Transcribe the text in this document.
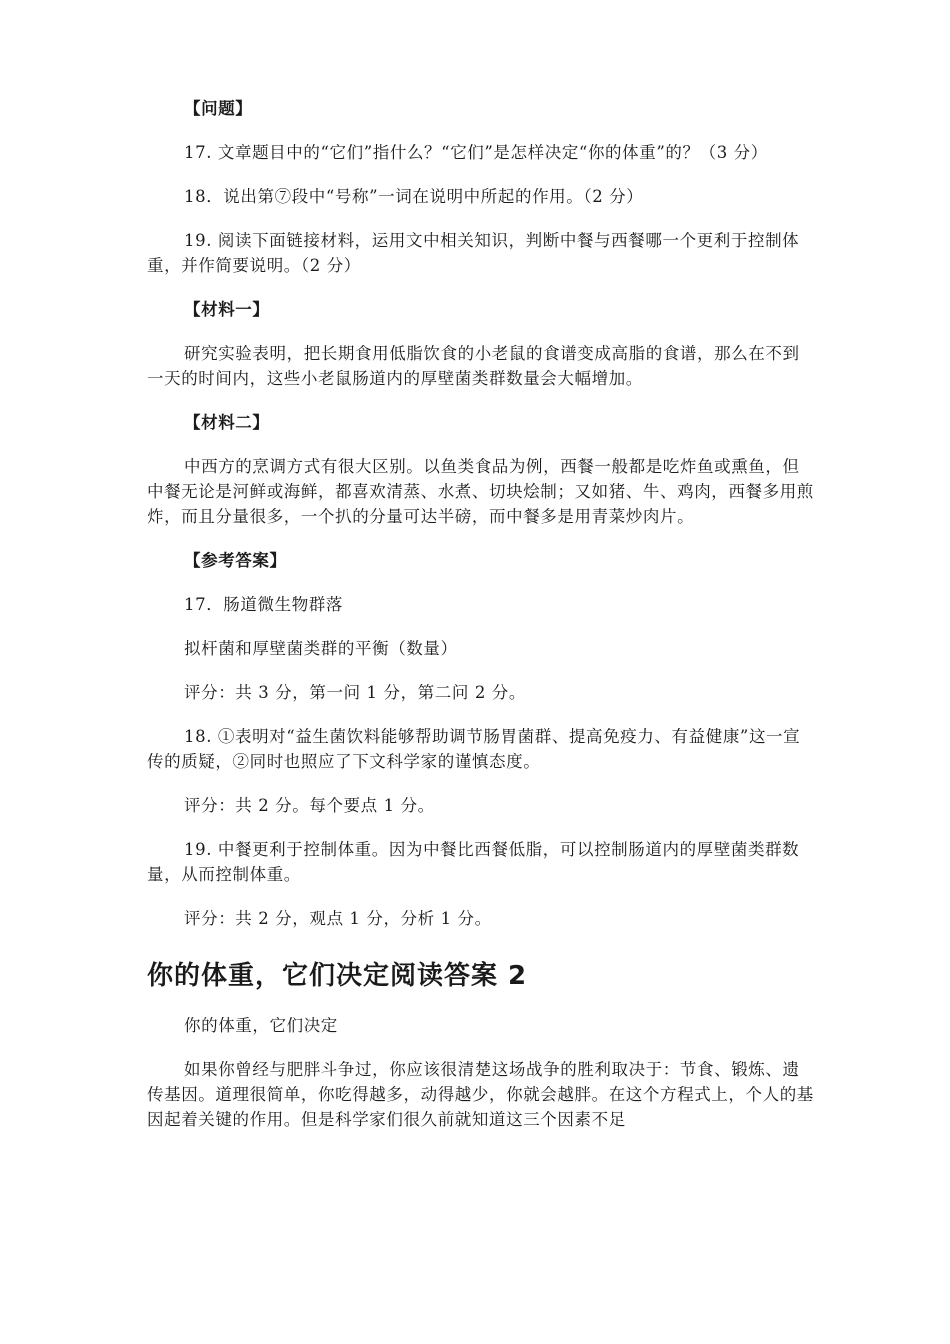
【问题】

17. 文章题目中的“它们”指什么？“它们”是怎样决定“你的体重”的？（3 分）

18．说出第⑦段中“号称”一词在说明中所起的作用。（2 分）

19. 阅读下面链接材料，运用文中相关知识，判断中餐与西餐哪一个更利于控制体重，并作简要说明。（2 分）

【材料一】

研究实验表明，把长期食用低脂饮食的小老鼠的食谱变成高脂的食谱，那么在不到一天的时间内，这些小老鼠肠道内的厚壁菌类群数量会大幅增加。

【材料二】

中西方的烹调方式有很大区别。以鱼类食品为例，西餐一般都是吃炸鱼或熏鱼，但中餐无论是河鲜或海鲜，都喜欢清蒸、水煮、切块烩制；又如猪、牛、鸡肉，西餐多用煎炸，而且分量很多，一个扒的分量可达半磅，而中餐多是用青菜炒肉片。

【参考答案】

17．肠道微生物群落

拟杆菌和厚壁菌类群的平衡（数量）

评分：共 3 分，第一问 1 分，第二问 2 分。

18. ①表明对“益生菌饮料能够帮助调节肠胃菌群、提高免疫力、有益健康”这一宣传的质疑，②同时也照应了下文科学家的谨慎态度。

评分：共 2 分。每个要点 1 分。

19. 中餐更利于控制体重。因为中餐比西餐低脂，可以控制肠道内的厚壁菌类群数量，从而控制体重。

评分：共 2 分，观点 1 分，分析 1 分。

你的体重，它们决定阅读答案 2

你的体重，它们决定

如果你曾经与肥胖斗争过，你应该很清楚这场战争的胜利取决于：节食、锻炼、遗传基因。道理很简单，你吃得越多，动得越少，你就会越胖。在这个方程式上，个人的基因起着关键的作用。但是科学家们很久前就知道这三个因素不足
